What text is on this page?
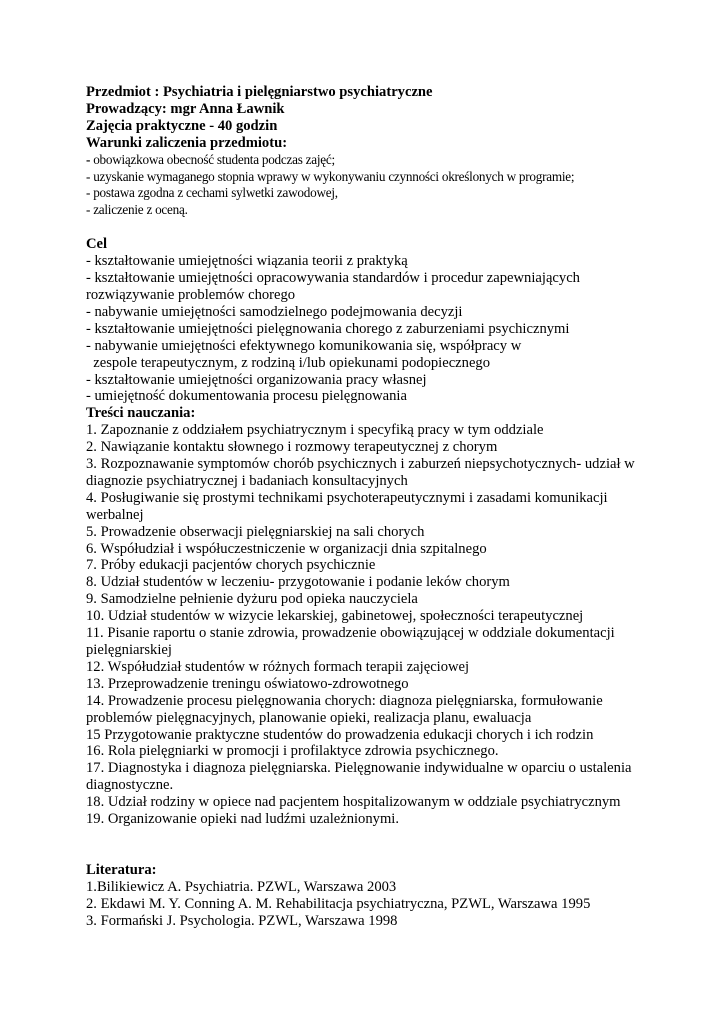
Przedmiot : Psychiatria i pielęgniarstwo psychiatryczne
Prowadzący: mgr Anna Ławnik
Zajęcia praktyczne - 40 godzin
Warunki zaliczenia przedmiotu:
- obowiązkowa obecność studenta podczas zajęć;
- uzyskanie wymaganego stopnia wprawy w wykonywaniu czynności określonych w programie;
- postawa zgodna z cechami sylwetki zawodowej,
- zaliczenie z oceną.
Cel
- kształtowanie umiejętności wiązania teorii z praktyką
- kształtowanie umiejętności opracowywania standardów i procedur zapewniających
rozwiązywanie problemów chorego
- nabywanie umiejętności samodzielnego podejmowania decyzji
- kształtowanie umiejętności pielęgnowania chorego z zaburzeniami psychicznymi
- nabywanie umiejętności efektywnego komunikowania się, współpracy w
zespole terapeutycznym, z rodziną i/lub opiekunami podopiecznego
- kształtowanie umiejętności organizowania pracy własnej
- umiejętność dokumentowania procesu pielęgnowania
Treści nauczania:
1. Zapoznanie z oddziałem psychiatrycznym i specyfiką pracy w tym oddziale
2. Nawiązanie kontaktu słownego i rozmowy terapeutycznej z chorym
3. Rozpoznawanie symptomów chorób psychicznych i zaburzeń niepsychotycznych- udział w
diagnozie psychiatrycznej i badaniach konsultacyjnych
4. Posługiwanie się prostymi technikami psychoterapeutycznymi i zasadami komunikacji
werbalnej
5. Prowadzenie obserwacji pielęgniarskiej na sali chorych
6. Współudział i współuczestniczenie w organizacji dnia szpitalnego
7. Próby edukacji pacjentów chorych psychicznie
8. Udział studentów w leczeniu- przygotowanie i podanie leków chorym
9. Samodzielne pełnienie dyżuru pod opieka nauczyciela
10. Udział studentów w wizycie lekarskiej, gabinetowej, społeczności terapeutycznej
11. Pisanie raportu o stanie zdrowia, prowadzenie obowiązującej w oddziale dokumentacji
pielęgniarskiej
12. Współudział studentów w różnych formach terapii zajęciowej
13. Przeprowadzenie treningu oświatowo-zdrowotnego
14. Prowadzenie procesu pielęgnowania chorych: diagnoza pielęgniarska, formułowanie
problemów pielęgnacyjnych, planowanie opieki, realizacja planu, ewaluacja
15 Przygotowanie praktyczne studentów do prowadzenia edukacji chorych i ich rodzin
16. Rola pielęgniarki w promocji i profilaktyce zdrowia psychicznego.
17. Diagnostyka i diagnoza pielęgniarska. Pielęgnowanie indywidualne w oparciu o ustalenia
diagnostyczne.
18. Udział rodziny w opiece nad pacjentem hospitalizowanym w oddziale psychiatrycznym
19. Organizowanie opieki nad ludźmi uzależnionymi.
Literatura:
1.Bilikiewicz A. Psychiatria. PZWL, Warszawa 2003
2. Ekdawi M. Y. Conning A. M. Rehabilitacja psychiatryczna, PZWL, Warszawa 1995
3. Formański J. Psychologia. PZWL, Warszawa 1998
